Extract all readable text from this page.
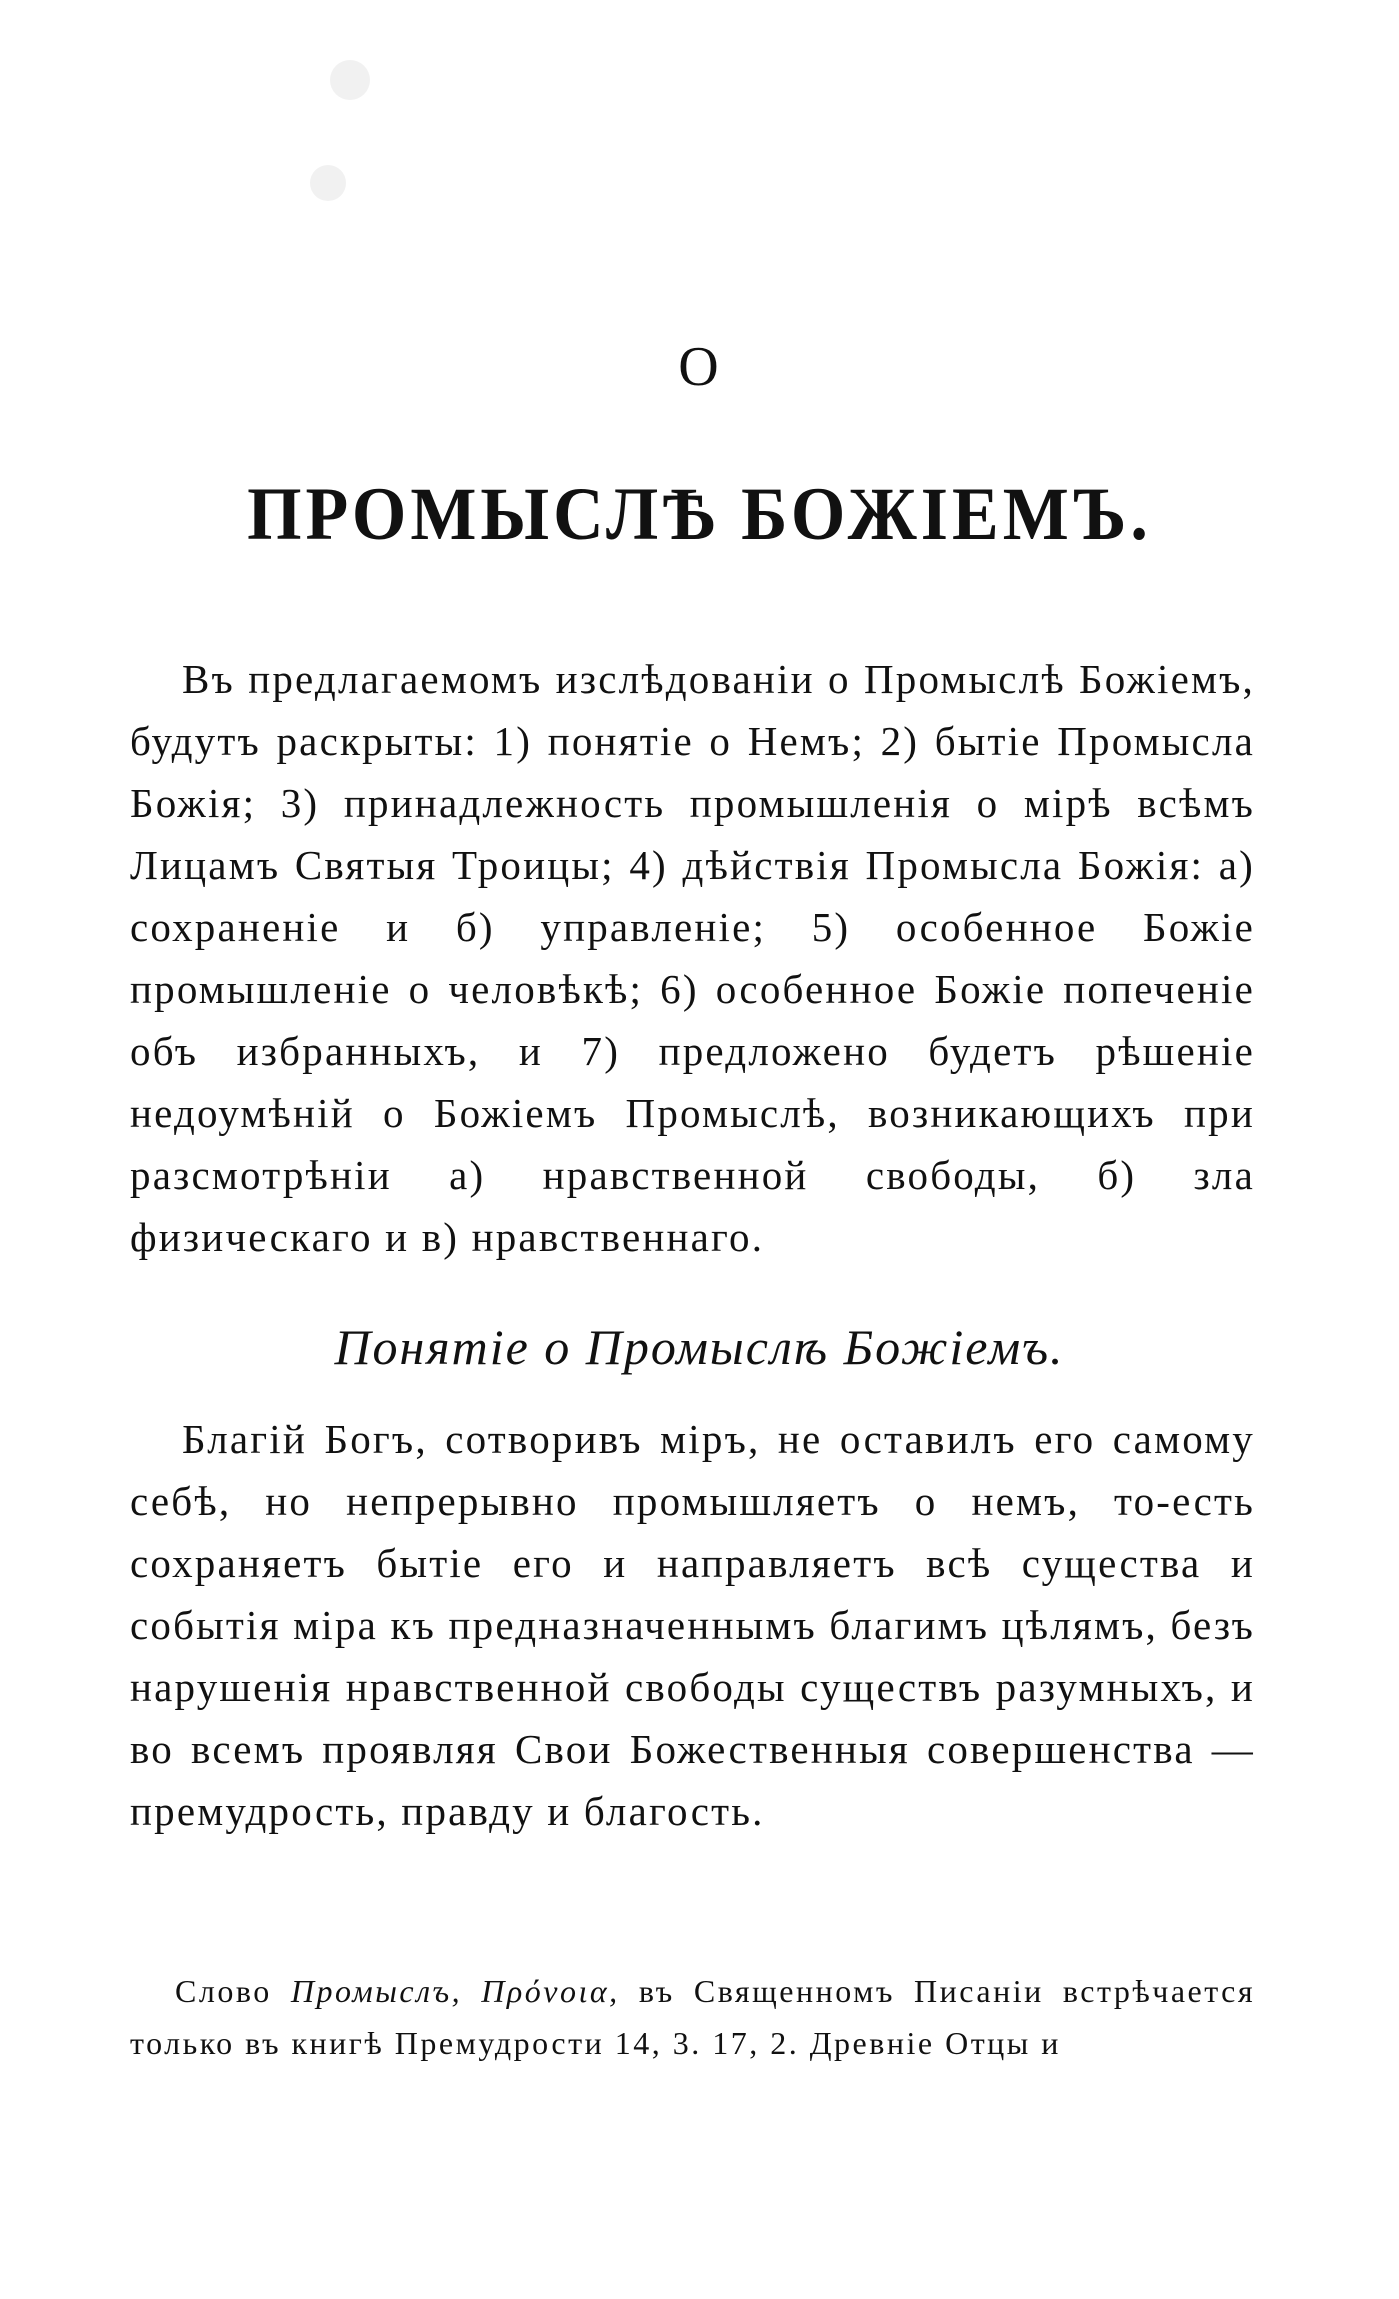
О
ПРОМЫСЛѢ БОЖІЕМЪ.
Въ предлагаемомъ изслѣдованіи о Промыслѣ Божіемъ, будутъ раскрыты: 1) понятіе о Немъ; 2) бытіе Промысла Божія; 3) принадлежность промышленія о мірѣ всѣмъ Лицамъ Святыя Троицы; 4) дѣйствія Промысла Божія: а) сохраненіе и б) управленіе; 5) особенное Божіе промышленіе о человѣкѣ; 6) особенное Божіе попеченіе объ избранныхъ, и 7) предложено будетъ рѣшеніе недоумѣній о Божіемъ Промыслѣ, возникающихъ при разсмотрѣніи а) нравственной свободы, б) зла физическаго и в) нравственнаго.
Понятіе о Промыслѣ Божіемъ.
Благій Богъ, сотворивъ міръ, не оставилъ его самому себѣ, но непрерывно промышляетъ о немъ, то-есть сохраняетъ бытіе его и направляетъ всѣ существа и событія міра къ предназначеннымъ благимъ цѣлямъ, безъ нарушенія нравственной свободы существъ разумныхъ, и во всемъ проявляя Свои Божественныя совершенства — премудрость, правду и благость.
Слово Промыслъ, Πρόνοια, въ Священномъ Писаніи встрѣчается только въ книгѣ Премудрости 14, 3. 17, 2. Древніе Отцы и
